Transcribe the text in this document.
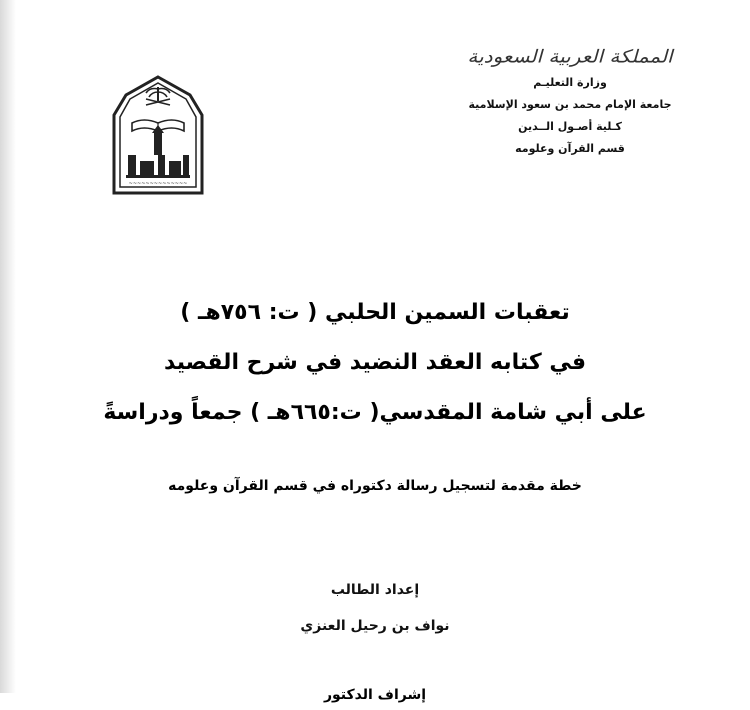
المملكة العربية السعودية
وزارة التعليـم
جامعة الإمام محمد بن سعود الإسلامية
كـلية أصـول الــدين
قسم القرآن وعلومه
~~~~~~~~~~~~~~
تعقبات السمين الحلبي ( ت: ٧٥٦هـ )
في كتابه العقد النضيد في شرح القصيد
على أبي شامة المقدسي( ت:٦٦٥هـ ) جمعاً ودراسةً
خطة مقدمة لتسجيل رسالة دكتوراه في قسم القرآن وعلومه
إعداد الطالب
نواف بن رحيل العنزي
إشراف الدكتور
